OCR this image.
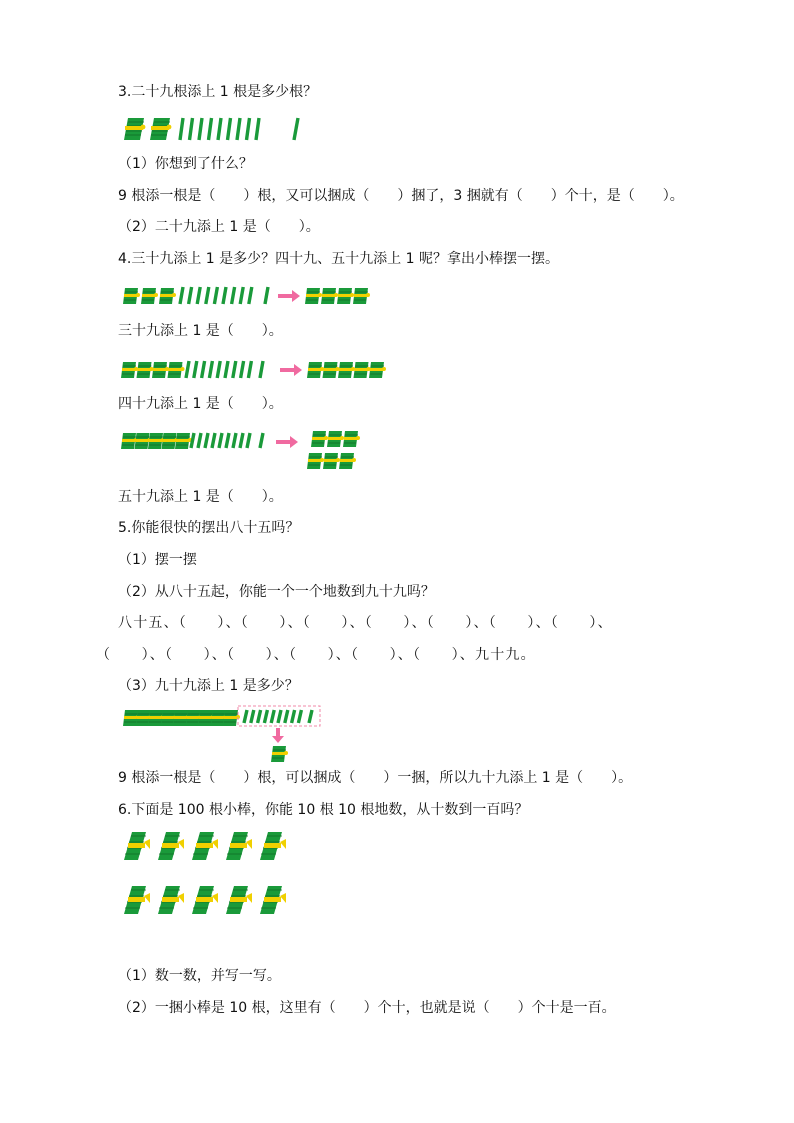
3.二十九根添上 1 根是多少根？
（1）你想到了什么？
9 根添一根是（　　）根，又可以捆成（　　）捆了，3 捆就有（　　）个十，是（　　）。
（2）二十九添上 1 是（　　）。
4.三十九添上 1 是多少？四十九、五十九添上 1 呢？拿出小棒摆一摆。
三十九添上 1 是（　　）。
四十九添上 1 是（　　）。
五十九添上 1 是（　　）。
5.你能很快的摆出八十五吗？
（1）摆一摆
（2）从八十五起，你能一个一个地数到九十九吗？
八十五、（　　）、（　　）、（　　）、（　　）、（　　）、（　　）、（　　）、
（　　）、（　　）、（　　）、（　　）、（　　）、（　　）、九十九。
（3）九十九添上 1 是多少？
9 根添一根是（　　）根，可以捆成（　　）一捆，所以九十九添上 1 是（　　）。
6.下面是 100 根小棒，你能 10 根 10 根地数，从十数到一百吗？
（1）数一数，并写一写。
（2）一捆小棒是 10 根，这里有（　　）个十，也就是说（　　）个十是一百。
